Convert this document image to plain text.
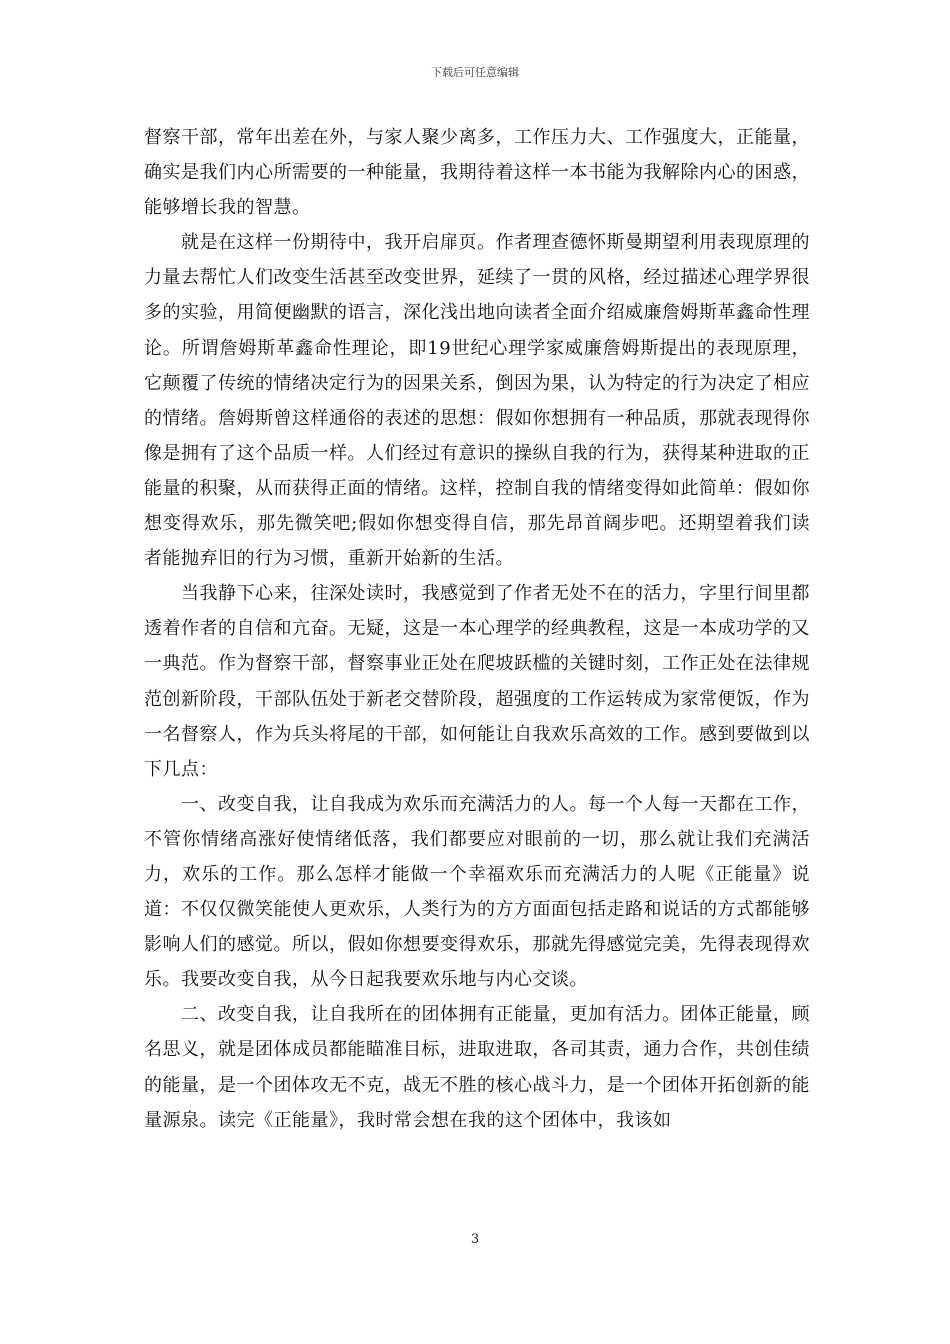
下载后可任意编辑

督察干部，常年出差在外，与家人聚少离多，工作压力大、工作强度大，正能量，确实是我们内心所需要的一种能量，我期待着这样一本书能为我解除内心的困惑，能够增长我的智慧。

就是在这样一份期待中，我开启扉页。作者理查德怀斯曼期望利用表现原理的力量去帮忙人们改变生活甚至改变世界，延续了一贯的风格，经过描述心理学界很多的实验，用简便幽默的语言，深化浅出地向读者全面介绍威廉詹姆斯革鑫命性理论。所谓詹姆斯革鑫命性理论，即19世纪心理学家威廉詹姆斯提出的表现原理，它颠覆了传统的情绪决定行为的因果关系，倒因为果，认为特定的行为决定了相应的情绪。詹姆斯曾这样通俗的表述的思想：假如你想拥有一种品质，那就表现得你像是拥有了这个品质一样。人们经过有意识的操纵自我的行为，获得某种进取的正能量的积聚，从而获得正面的情绪。这样，控制自我的情绪变得如此简单：假如你想变得欢乐，那先微笑吧;假如你想变得自信，那先昂首阔步吧。还期望着我们读者能抛弃旧的行为习惯，重新开始新的生活。

当我静下心来，往深处读时，我感觉到了作者无处不在的活力，字里行间里都透着作者的自信和亢奋。无疑，这是一本心理学的经典教程，这是一本成功学的又一典范。作为督察干部，督察事业正处在爬坡跃槛的关键时刻，工作正处在法律规范创新阶段，干部队伍处于新老交替阶段，超强度的工作运转成为家常便饭，作为一名督察人，作为兵头将尾的干部，如何能让自我欢乐高效的工作。感到要做到以下几点：

一、改变自我，让自我成为欢乐而充满活力的人。每一个人每一天都在工作，不管你情绪高涨好使情绪低落，我们都要应对眼前的一切，那么就让我们充满活力，欢乐的工作。那么怎样才能做一个幸福欢乐而充满活力的人呢《正能量》说道：不仅仅微笑能使人更欢乐，人类行为的方方面面包括走路和说话的方式都能够影响人们的感觉。所以，假如你想要变得欢乐，那就先得感觉完美，先得表现得欢乐。我要改变自我，从今日起我要欢乐地与内心交谈。

二、改变自我，让自我所在的团体拥有正能量，更加有活力。团体正能量，顾名思义，就是团体成员都能瞄准目标，进取进取，各司其责，通力合作，共创佳绩的能量，是一个团体攻无不克，战无不胜的核心战斗力，是一个团体开拓创新的能量源泉。读完《正能量》，我时常会想在我的这个团体中，我该如

3
